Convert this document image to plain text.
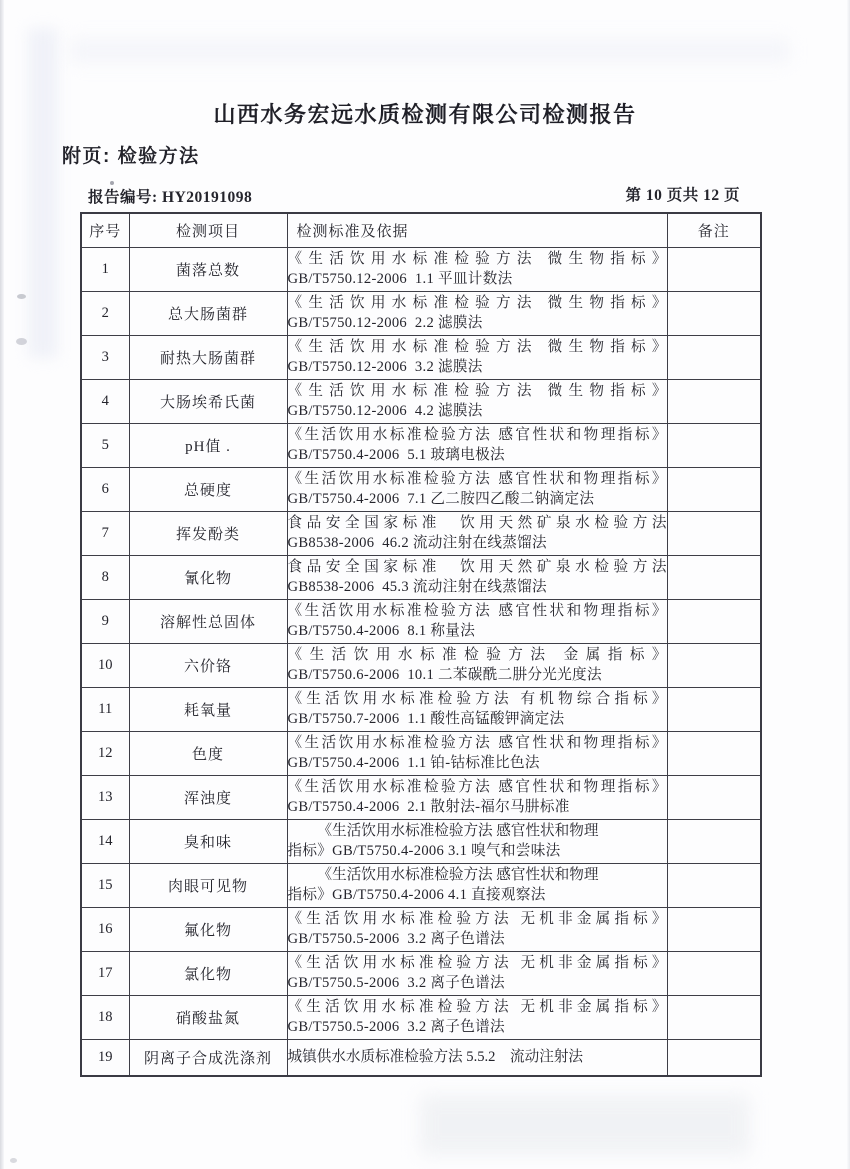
山西水务宏远水质检测有限公司检测报告
附页: 检验方法
报告编号: HY20191098	第 10 页共 12 页
序号	检测项目	检测标准及依据	备注
1	菌落总数	《生活饮用水标准检验方法 微生物指标》
GB/T5750.12-2006  1.1 平皿计数法	

2	总大肠菌群	《生活饮用水标准检验方法 微生物指标》
GB/T5750.12-2006  2.2 滤膜法	

3	耐热大肠菌群	《生活饮用水标准检验方法 微生物指标》
GB/T5750.12-2006  3.2 滤膜法	

4	大肠埃希氏菌	《生活饮用水标准检验方法 微生物指标》
GB/T5750.12-2006  4.2 滤膜法	

5	pH值 .	《生活饮用水标准检验方法 感官性状和物理指标》
GB/T5750.4-2006  5.1 玻璃电极法	

6	总硬度	《生活饮用水标准检验方法 感官性状和物理指标》
GB/T5750.4-2006  7.1 乙二胺四乙酸二钠滴定法	

7	挥发酚类	食品安全国家标准　饮用天然矿泉水检验方法
GB8538-2006  46.2 流动注射在线蒸馏法	

8	氰化物	食品安全国家标准　饮用天然矿泉水检验方法
GB8538-2006  45.3 流动注射在线蒸馏法	

9	溶解性总固体	《生活饮用水标准检验方法 感官性状和物理指标》
GB/T5750.4-2006  8.1 称量法	

10	六价铬	《生活饮用水标准检验方法 金属指标》
GB/T5750.6-2006  10.1 二苯碳酰二肼分光光度法	

11	耗氧量	《生活饮用水标准检验方法 有机物综合指标》
GB/T5750.7-2006  1.1 酸性高锰酸钾滴定法	

12	色度	《生活饮用水标准检验方法 感官性状和物理指标》
GB/T5750.4-2006  1.1 铂-钴标准比色法	

13	浑浊度	《生活饮用水标准检验方法 感官性状和物理指标》
GB/T5750.4-2006  2.1 散射法-福尔马肼标准	

14	臭和味	《生活饮用水标准检验方法 感官性状和物理
指标》GB/T5750.4-2006 3.1 嗅气和尝味法	

15	肉眼可见物	《生活饮用水标准检验方法 感官性状和物理
指标》GB/T5750.4-2006 4.1 直接观察法	

16	氟化物	《生活饮用水标准检验方法 无机非金属指标》
GB/T5750.5-2006  3.2 离子色谱法	

17	氯化物	《生活饮用水标准检验方法 无机非金属指标》
GB/T5750.5-2006  3.2 离子色谱法	

18	硝酸盐氮	《生活饮用水标准检验方法 无机非金属指标》
GB/T5750.5-2006  3.2 离子色谱法	

19	阴离子合成洗涤剂	城镇供水水质标准检验方法 5.5.2　流动注射法	
